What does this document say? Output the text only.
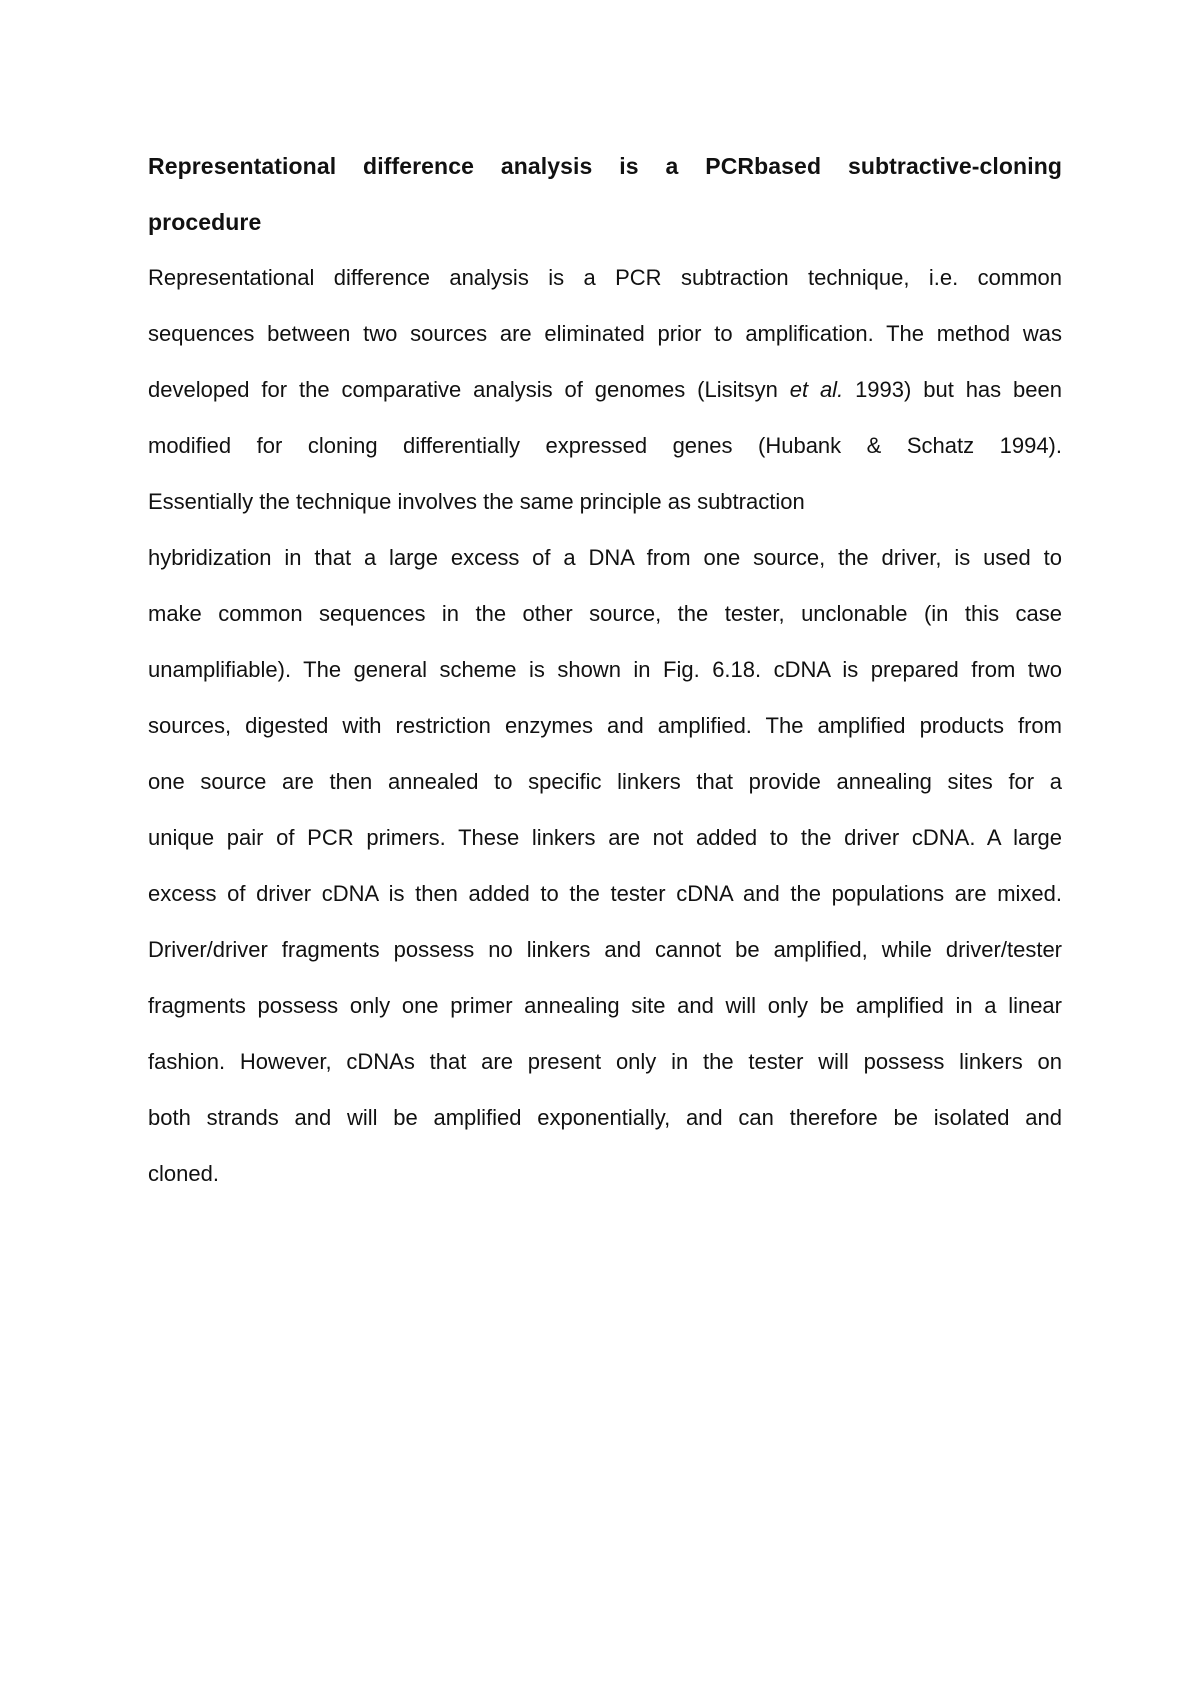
Representational difference analysis is a PCRbased subtractive-cloning
procedure

Representational difference analysis is a PCR subtraction technique, i.e. common
sequences between two sources are eliminated prior to amplification. The method was
developed for the comparative analysis of genomes (Lisitsyn et al. 1993) but has been
modified for cloning differentially expressed genes (Hubank & Schatz 1994).
Essentially the technique involves the same principle as subtraction

hybridization in that a large excess of a DNA from one source, the driver, is used to
make common sequences in the other source, the tester, unclonable (in this case
unamplifiable). The general scheme is shown in Fig. 6.18. cDNA is prepared from two
sources, digested with restriction enzymes and amplified. The amplified products from
one source are then annealed to specific linkers that provide annealing sites for a
unique pair of PCR primers. These linkers are not added to the driver cDNA. A large
excess of driver cDNA is then added to the tester cDNA and the populations are mixed.
Driver/driver fragments possess no linkers and cannot be amplified, while driver/tester
fragments possess only one primer annealing site and will only be amplified in a linear
fashion. However, cDNAs that are present only in the tester will possess linkers on
both strands and will be amplified exponentially, and can therefore be isolated and
cloned.
